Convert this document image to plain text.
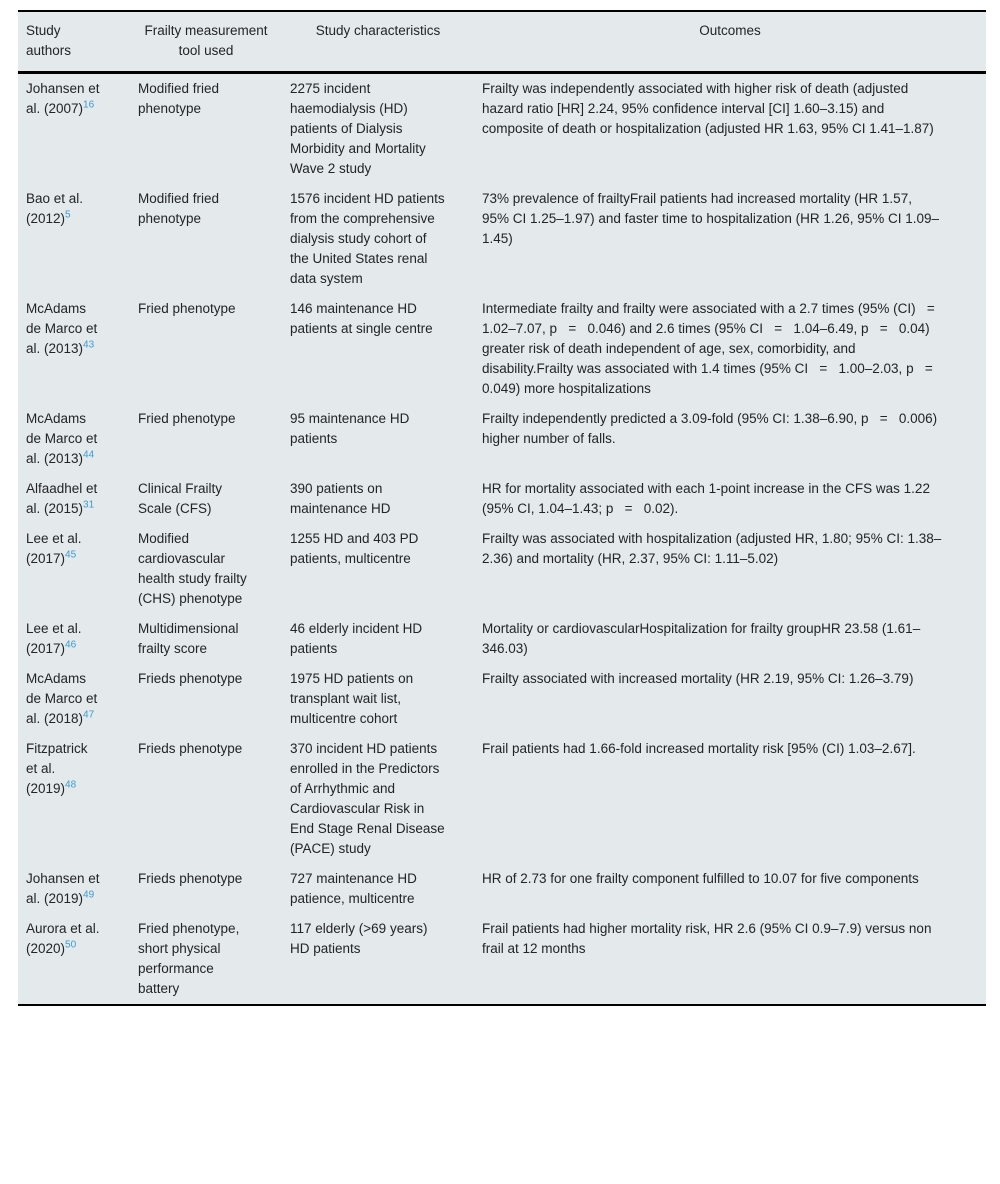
Study authors	Frailty measurement tool used	Study characteristics	Outcomes
Johansen et al. (2007)$^{16}$	Modified fried phenotype	2275 incident haemodialysis (HD) patients of Dialysis Morbidity and Mortality Wave 2 study	Frailty was independently associated with higher risk of death (adjusted hazard ratio [HR] 2.24, 95% confidence interval [CI] 1.60–3.15) and composite of death or hospitalization (adjusted HR 1.63, 95% CI 1.41–1.87)
Bao et al. (2012)$^5$	Modified fried phenotype	1576 incident HD patients from the comprehensive dialysis study cohort of the United States renal data system	73% prevalence of frailtyFrail patients had increased mortality (HR 1.57, 95% CI 1.25–1.97) and faster time to hospitalization (HR 1.26, 95% CI 1.09–1.45)
McAdams de Marco et al. (2013)$^{43}$	Fried phenotype	146 maintenance HD patients at single centre	Intermediate frailty and frailty were associated with a 2.7 times (95% (CI)   =   1.02–7.07, p   =   0.046) and 2.6 times (95% CI   =   1.04–6.49, p   =   0.04) greater risk of death independent of age, sex, comorbidity, and disability.Frailty was associated with 1.4 times (95% CI   =   1.00–2.03, p   =   0.049) more hospitalizations
McAdams de Marco et al. (2013)$^{44}$	Fried phenotype	95 maintenance HD patients	Frailty independently predicted a 3.09-fold (95% CI: 1.38–6.90, p   =   0.006) higher number of falls.
Alfaadhel et al. (2015)$^{31}$	Clinical Frailty Scale (CFS)	390 patients on maintenance HD	HR for mortality associated with each 1-point increase in the CFS was 1.22 (95% CI, 1.04–1.43; p   =   0.02).
Lee et al. (2017)$^{45}$	Modified cardiovascular health study frailty (CHS) phenotype	1255 HD and 403 PD patients, multicentre	Frailty was associated with hospitalization (adjusted HR, 1.80; 95% CI: 1.38–2.36) and mortality (HR, 2.37, 95% CI: 1.11–5.02)
Lee et al. (2017)$^{46}$	Multidimensional frailty score	46 elderly incident HD patients	Mortality or cardiovascularHospitalization for frailty groupHR 23.58 (1.61–346.03)
McAdams de Marco et al. (2018)$^{47}$	Frieds phenotype	1975 HD patients on transplant wait list, multicentre cohort	Frailty associated with increased mortality (HR 2.19, 95% CI: 1.26–3.79)
Fitzpatrick et al. (2019)$^{48}$	Frieds phenotype	370 incident HD patients enrolled in the Predictors of Arrhythmic and Cardiovascular Risk in End Stage Renal Disease (PACE) study	Frail patients had 1.66-fold increased mortality risk [95% (CI) 1.03–2.67].
Johansen et al. (2019)$^{49}$	Frieds phenotype	727 maintenance HD patience, multicentre	HR of 2.73 for one frailty component fulfilled to 10.07 for five components
Aurora et al. (2020)$^{50}$	Fried phenotype, short physical performance battery	117 elderly (>69 years) HD patients	Frail patients had higher mortality risk, HR 2.6 (95% CI 0.9–7.9) versus non frail at 12 months
